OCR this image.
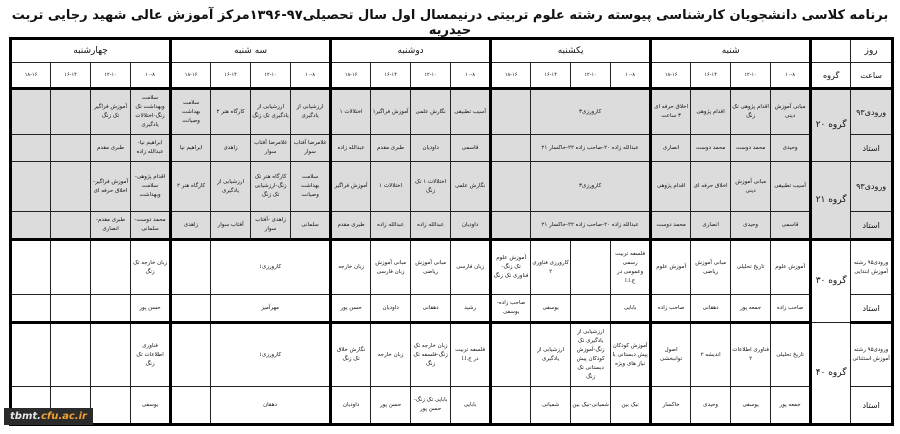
برنامه کلاسی دانشجویان کارشناسی پیوسته رشته علوم تربیتی درنیمسال اول سال تحصیلی۹۷-۱۳۹۶مرکز آموزش عالی شهید رجایی تربت حیدریه
روز		شنبه				یکشنبه				دوشنبه				سه شنبه				چهارشنبه			
ساعت	گروه	۱۰-۸	۱۲-۱۰	۱۶-۱۴	۱۸-۱۶	۱۰-۸	۱۲-۱۰	۱۶-۱۴	۱۸-۱۶	۱۰-۸	۱۲-۱۰	۱۶-۱۴	۱۸-۱۶	۱۰-۸	۱۲-۱۰	۱۶-۱۴	۱۸-۱۶	۱۰-۸	۱۲-۱۰	۱۶-۱۴	۱۸-۱۶
ورودی۹۳	گروه ۲۰	مبانی آموزش دینی	اقدام پژوهی تک زنگ	اقدام پژوهی	اخلاق حرفه ای ۳ ساعت	کارورزی۳				آسیب تطبیقی	نگارش علمی	آموزش فراگیر۱	اختلالات ۱	ارزشیابی از یادگیری	ارزشیابی از یادگیری تک زنگ	کارگاه هنر ۲	سلامت بهداشت وصیانت	سلامت وبهداشت تک زنگ-اختلالات یادگیری	آموزش فراگیر تک زنگ		
استاد		وحیدی	محمد دوست	محمد دوست	انصاری	عبدالله زاده ۲۰-صاحب زاده ۲۲-خاکسار ۲۱				قاسمی	داودیان	طبری مقدم	عبدالله زاده	غلامرضا آفتاب سوار	غلامرضا آفتاب سوار	زاهدی	ابراهیم نیا	ابراهیم نیا- عبدالله زاده	طبری مقدم		
ورودی۹۳	گروه ۲۱	آسیب تطبیقی	مبانی آموزش دینی	اخلاق حرفه ای	اقدام پژوهی	کارورزی۳				نگارش علمی	اختلالات ۱ تک زنگ	اختلالات ۱	آموزش فراگیر	سلامت بهداشت وصیانت	کارگاه هنر تک زنگ-ارزشیابی تک زنگ	ارزشیابی از یادگیری	کارگاه هنر ۲	اقدام پژوهی- سلامت وبهداشت	آموزش فراگیر- اخلاق حرفه ای		
استاد		قاسمی	وحیدی	انصاری	محمد دوست	عبدالله زاده ۲۰-صاحب زاده ۲۲-خاکسار ۲۱				داودیان	عبدالله زاده	عبدالله زاده	طبری مقدم	سلمانی	زاهدی -آفتاب سوار	آفتاب سوار	زاهدی	محمد دوست- سلمانی	طبری مقدم- انصاری		
ورودی۹۵ رشته آموزش ابتدایی	گروه ۳۰	آموزش علوم	تاریخ تحلیلی	مبانی آموزش ریاضی	آموزش علوم	فلسفه تربیت رسمی وعمومی در ج.ا.ا		کارورزی فناوری ۲	آموزش علوم تک زنگ- فناوری تک زنگ	زبان فارسی	مبانی آموزش ریاضی	مبانی آموزش زبان فارسی	زبان خارجه	کارورزی۱				زبان خارجه تک زنگ			
استاد		صاحب زاده	جمعه پور	دهقانی	صاحب زاده	بابایی		یوسفی	صاحب زاده- یوسفی	رشید	دهقانی	داودیان	حسن پور	مهرآمیز				حسن پور			
ورودی۹۵ رشته آموزش استثنائی	گروه ۴۰	تاریخ تحلیلی	فناوری اطلاعات ۲	اندیشه ۲	اصول توانبخشی	آموزش کودکان پیش دبستانی با نیاز های ویژه	ارزشیابی از یادگیری تک زنگ-آموزش کودکان پیش دبستانی تک زنگ	ارزشیابی از یادگیری		فلسفه تربیت در ج.ا.ا	زبان خارجه تک زنگ-فلسفه تک زنگ	زبان خارجه	نگارش خلاق تک زنگ	کارورزی۱				فناوری اطلاعات تک زنگ			
استاد		جمعه پور	یوسفی	وحیدی	خاکسار	نیک بین	شمیانی-نیک بین	شمیانی		بابایی	بابایی تک زنگ- حسن پور	حسن پور	داودیان	دهقان				یوسفی			
tbmt.cfu.ac.ir
